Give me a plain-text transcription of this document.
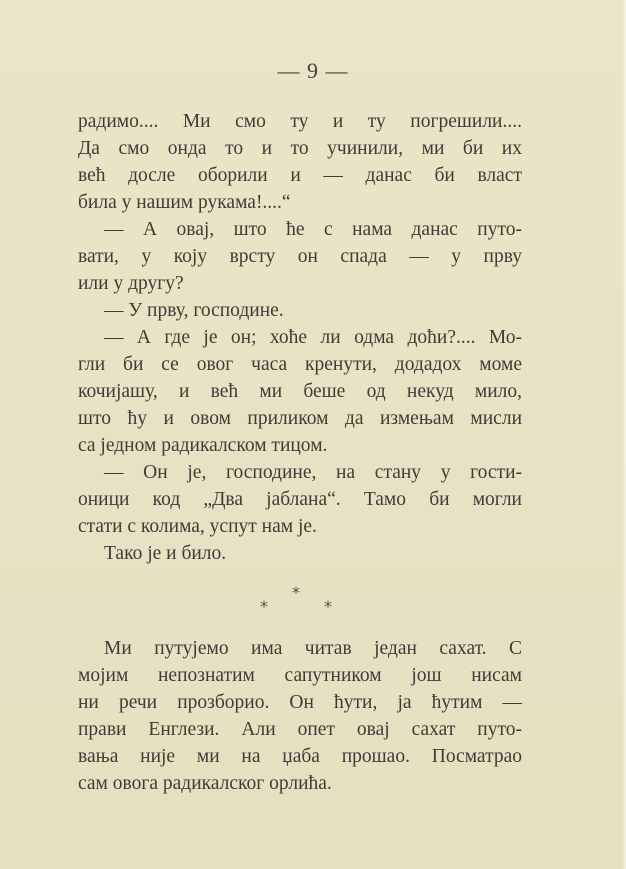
— 9 —
радимо.... Ми смо ту и ту погрешили....
Да смо онда то и то учинили, ми би их
већ досле оборили и — данас би власт
била у нашим рукама!....“
— А овај, што ће с нама данас путо-
вати, у коју врсту он спада — у прву
или у другу?
— У прву, господине.
— А где је он; хоће ли одма доћи?.... Мо-
гли би се овог часа кренути, додадох моме
кочијашу, и већ ми беше од некуд мило,
што ћу и овом приликом да измењам мисли
са једном радикалском тицом.
— Он је, господине, на стану у гости-
оници код „Два јаблана“. Тамо би могли
стати с колима, успут нам је.
Тако је и било.
*
*	*
Ми путујемо има читав један сахат. С
мојим непознатим сапутником још нисам
ни речи прозборио. Он ћути, ја ћутим —
прави Енглези. Али опет овај сахат путо-
вања није ми на џаба прошао. Посматрао
сам овога радикалског орлића.
